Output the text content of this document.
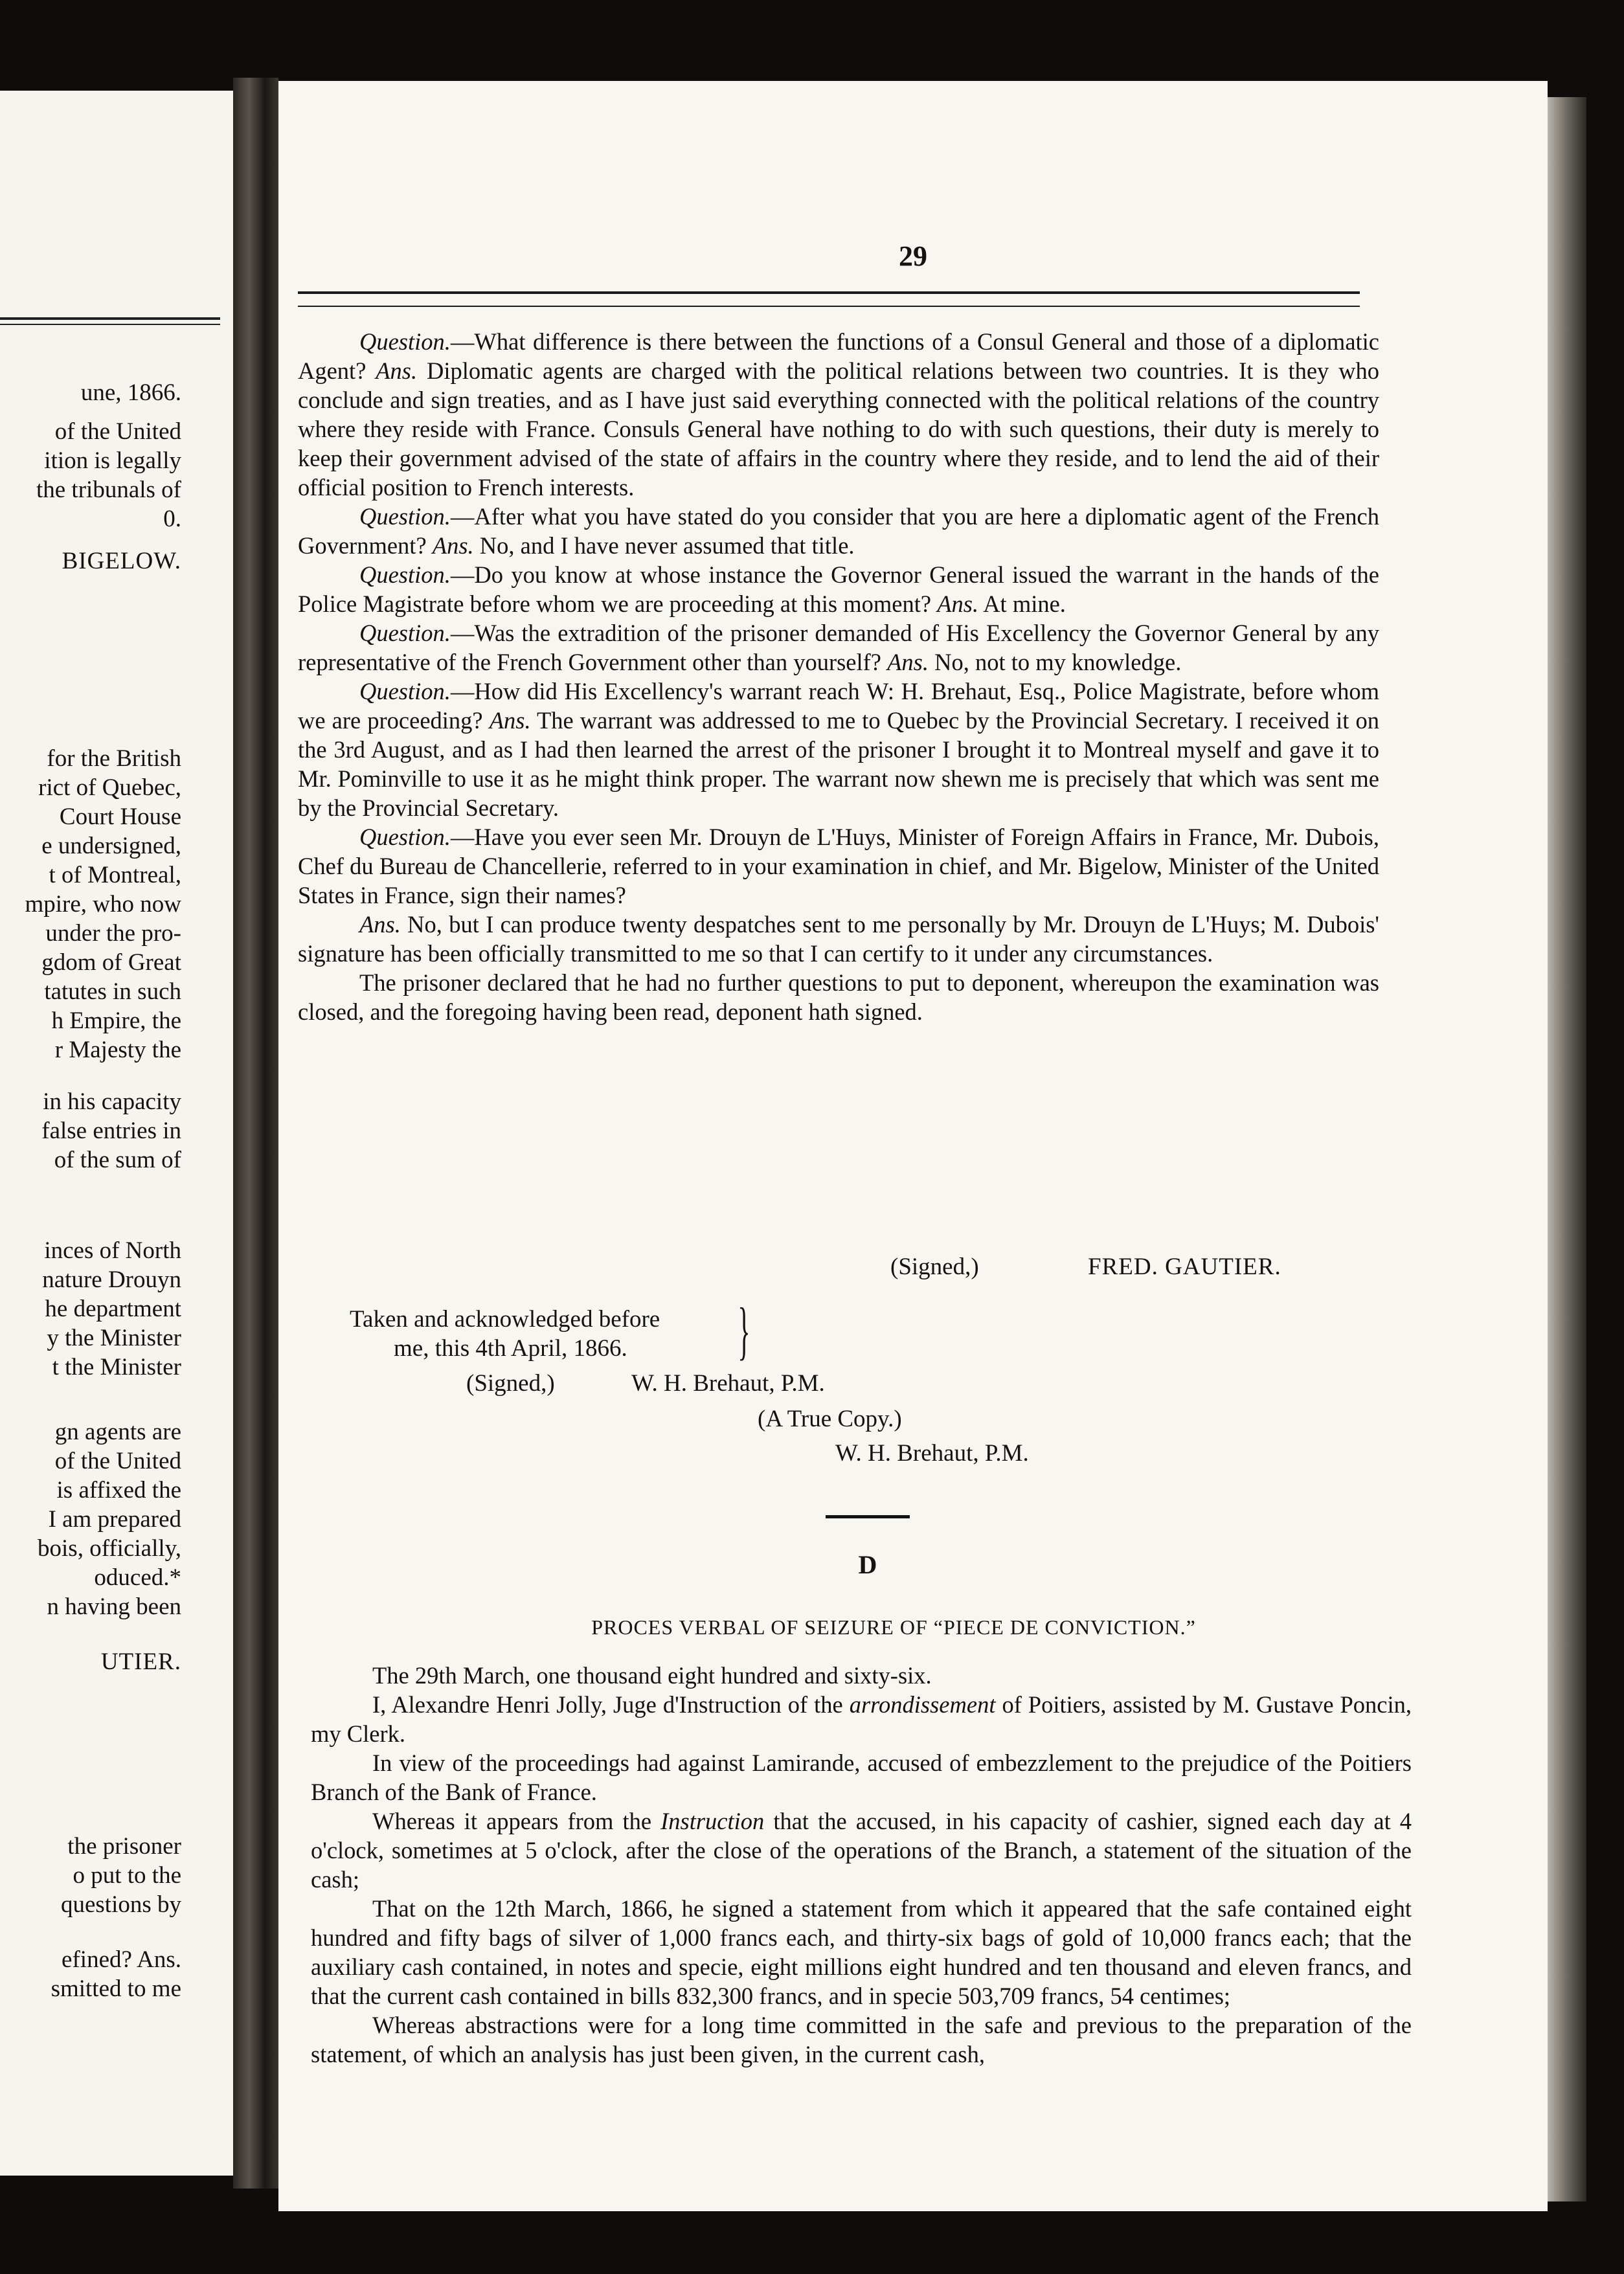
une, 1866.
of the United
ition is legally
the tribunals of
0.
BIGELOW.
for the British
rict of Quebec,
Court House
e undersigned,
t of Montreal,
mpire, who now
under the pro-
gdom of Great
tatutes in such
h Empire, the
r Majesty the
in his capacity
false entries in
of the sum of
inces of North
nature Drouyn
he department
y the Minister
t the Minister
gn agents are
of the United
is affixed the
I am prepared
bois, officially,
oduced.*
n having been
UTIER.
the prisoner
o put to the
questions by
efined? Ans.
smitted to me
29

Question.—What difference is there between the functions of a Consul General and those of a diplomatic Agent? Ans. Diplomatic agents are charged with the political relations between two countries. It is they who conclude and sign treaties, and as I have just said everything connected with the political relations of the country where they reside with France. Consuls General have nothing to do with such questions, their duty is merely to keep their government advised of the state of affairs in the country where they reside, and to lend the aid of their official position to French interests.

Question.—After what you have stated do you consider that you are here a diplomatic agent of the French Government? Ans. No, and I have never assumed that title.

Question.—Do you know at whose instance the Governor General issued the warrant in the hands of the Police Magistrate before whom we are proceeding at this moment? Ans. At mine.

Question.—Was the extradition of the prisoner demanded of His Excellency the Governor General by any representative of the French Government other than yourself? Ans. No, not to my knowledge.

Question.—How did His Excellency's warrant reach W: H. Brehaut, Esq., Police Magistrate, before whom we are proceeding? Ans. The warrant was addressed to me to Quebec by the Provincial Secretary. I received it on the 3rd August, and as I had then learned the arrest of the prisoner I brought it to Montreal myself and gave it to Mr. Pominville to use it as he might think proper. The warrant now shewn me is precisely that which was sent me by the Provincial Secretary.

Question.—Have you ever seen Mr. Drouyn de L'Huys, Minister of Foreign Affairs in France, Mr. Dubois, Chef du Bureau de Chancellerie, referred to in your examination in chief, and Mr. Bigelow, Minister of the United States in France, sign their names?

Ans. No, but I can produce twenty despatches sent to me personally by Mr. Drouyn de L'Huys; M. Dubois' signature has been officially transmitted to me so that I can certify to it under any circumstances.

The prisoner declared that he had no further questions to put to deponent, whereupon the examination was closed, and the foregoing having been read, deponent hath signed.

(Signed,)	FRED. GAUTIER.
Taken and acknowledged before
me, this 4th April, 1866.	}
(Signed,)	W. H. Brehaut, P.M.
(A True Copy.)
W. H. Brehaut, P.M.
D
PROCES VERBAL OF SEIZURE OF “PIECE DE CONVICTION.”

The 29th March, one thousand eight hundred and sixty-six.

I, Alexandre Henri Jolly, Juge d'Instruction of the arrondissement of Poitiers, assisted by M. Gustave Poncin, my Clerk.

In view of the proceedings had against Lamirande, accused of embezzlement to the prejudice of the Poitiers Branch of the Bank of France.

Whereas it appears from the Instruction that the accused, in his capacity of cashier, signed each day at 4 o'clock, sometimes at 5 o'clock, after the close of the operations of the Branch, a statement of the situation of the cash;

That on the 12th March, 1866, he signed a statement from which it appeared that the safe contained eight hundred and fifty bags of silver of 1,000 francs each, and thirty-six bags of gold of 10,000 francs each; that the auxiliary cash contained, in notes and specie, eight millions eight hundred and ten thousand and eleven francs, and that the current cash contained in bills 832,300 francs, and in specie 503,709 francs, 54 centimes;

Whereas abstractions were for a long time committed in the safe and previous to the preparation of the statement, of which an analysis has just been given, in the current cash,
